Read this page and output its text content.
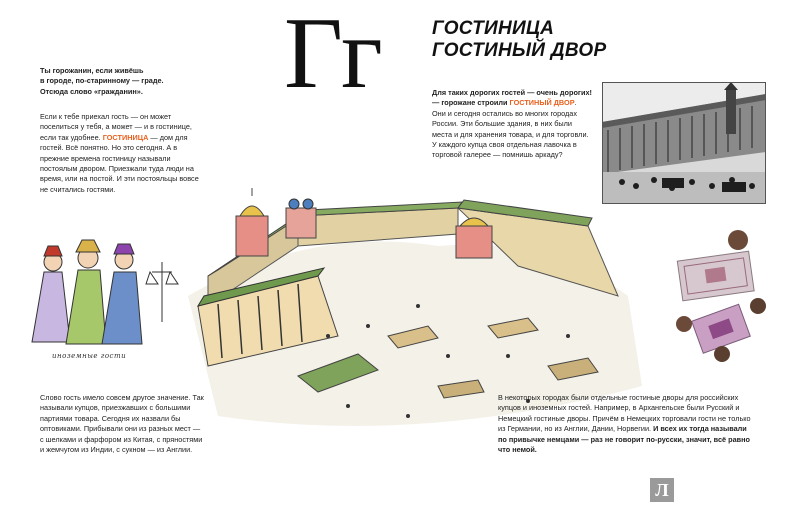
Гг	ГОСТИНИЦА
ГОСТИНЫЙ ДВОР
Ты горожанин, если живёшь
в городе, по-старинному — граде.
Отсюда слово «гражданин».
Если к тебе приехал гость — он может поселиться у тебя, а может — и в гостинице, если так удобнее. ГОСТИНИЦА — дом для гостей. Всё понятно. Но это сегодня. А в прежние времена гостиницу называли постоялым двором. Приезжали туда люди на время, или на постой. И эти постояльцы вовсе не считались гостями.
Для таких дорогих гостей — очень дорогих! — горожане строили ГОСТИНЫЙ ДВОР. Они и сегодня остались во многих городах России. Эти большие здания, в них были места и для хранения товара, и для торговли. У каждого купца своя отдельная лавочка в торговой галерее — помнишь аркаду?
иноземные гости
Слово гость имело совсем другое значение. Так называли купцов, приезжавших с большими партиями товара. Сегодня их назвали бы оптовиками. Прибывали они из разных мест — с шелками и фарфором из Китая, с пряностями и жемчугом из Индии, с сукном — из Англии.
В некоторых городах были отдельные гостиные дворы для российских купцов и иноземных гостей. Например, в Архангельске были Русский и Немецкий гостиные дворы. Причём в Немецких торговали гости не только из Германии, но из Англии, Дании, Норвегии. И всех их тогда называли по привычке немцами — раз не говорит по-русски, значит, всё равно что немой.
Л
